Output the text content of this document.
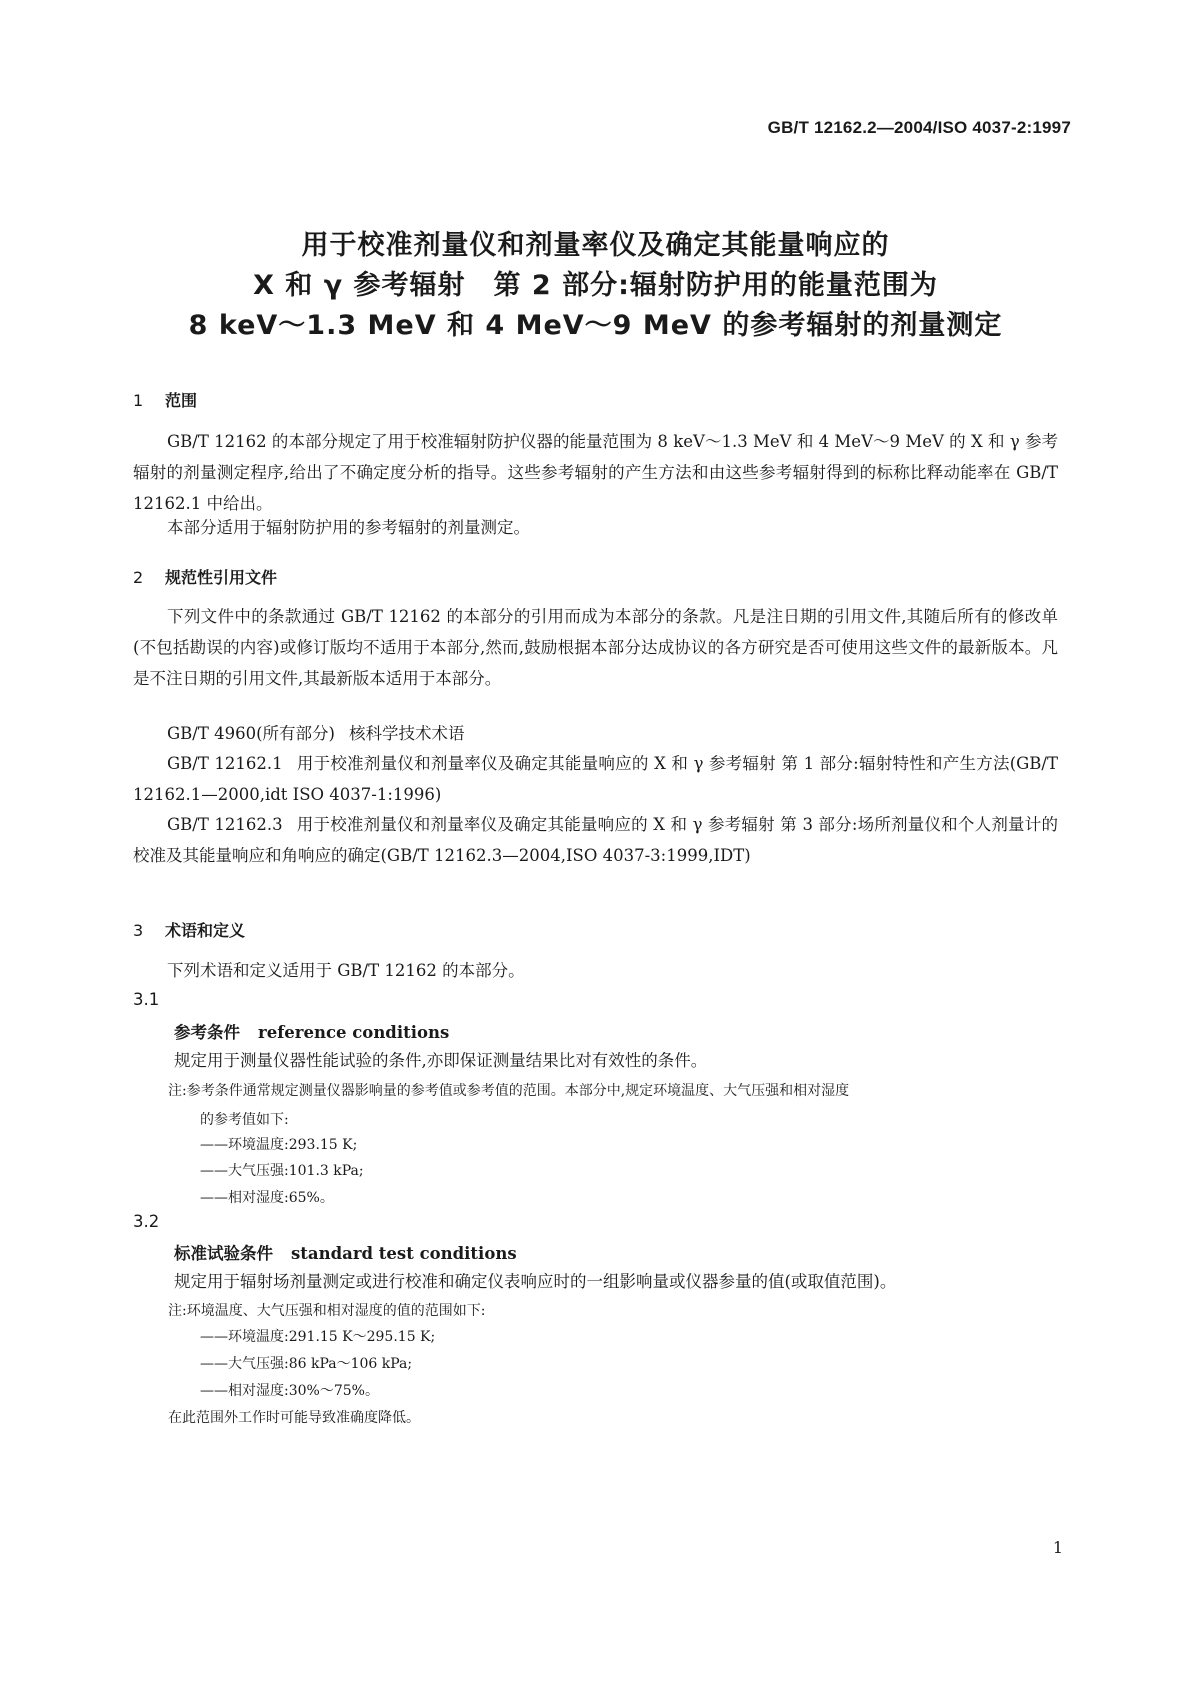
GB/T 12162.2—2004/ISO 4037-2:1997
用于校准剂量仪和剂量率仪及确定其能量响应的
X 和 γ 参考辐射　第 2 部分:辐射防护用的能量范围为
8 keV～1.3 MeV 和 4 MeV～9 MeV 的参考辐射的剂量测定
1 范围
GB/T 12162 的本部分规定了用于校准辐射防护仪器的能量范围为 8 keV～1.3 MeV 和 4 MeV～9 MeV 的 X 和 γ 参考辐射的剂量测定程序,给出了不确定度分析的指导。这些参考辐射的产生方法和由这些参考辐射得到的标称比释动能率在 GB/T 12162.1 中给出。
本部分适用于辐射防护用的参考辐射的剂量测定。
2 规范性引用文件
下列文件中的条款通过 GB/T 12162 的本部分的引用而成为本部分的条款。凡是注日期的引用文件,其随后所有的修改单(不包括勘误的内容)或修订版均不适用于本部分,然而,鼓励根据本部分达成协议的各方研究是否可使用这些文件的最新版本。凡是不注日期的引用文件,其最新版本适用于本部分。
GB/T 4960(所有部分) 核科学技术术语
GB/T 12162.1 用于校准剂量仪和剂量率仪及确定其能量响应的 X 和 γ 参考辐射 第 1 部分:辐射特性和产生方法(GB/T 12162.1—2000,idt ISO 4037-1:1996)
GB/T 12162.3 用于校准剂量仪和剂量率仪及确定其能量响应的 X 和 γ 参考辐射 第 3 部分:场所剂量仪和个人剂量计的校准及其能量响应和角响应的确定(GB/T 12162.3—2004,ISO 4037-3:1999,IDT)
3 术语和定义
下列术语和定义适用于 GB/T 12162 的本部分。
3.1
参考条件 reference conditions
规定用于测量仪器性能试验的条件,亦即保证测量结果比对有效性的条件。
注:参考条件通常规定测量仪器影响量的参考值或参考值的范围。本部分中,规定环境温度、大气压强和相对湿度
的参考值如下:
——环境温度:293.15 K;
——大气压强:101.3 kPa;
——相对湿度:65%。
3.2
标准试验条件 standard test conditions
规定用于辐射场剂量测定或进行校准和确定仪表响应时的一组影响量或仪器参量的值(或取值范围)。
注:环境温度、大气压强和相对湿度的值的范围如下:
——环境温度:291.15 K～295.15 K;
——大气压强:86 kPa～106 kPa;
——相对湿度:30%～75%。
在此范围外工作时可能导致准确度降低。
1
